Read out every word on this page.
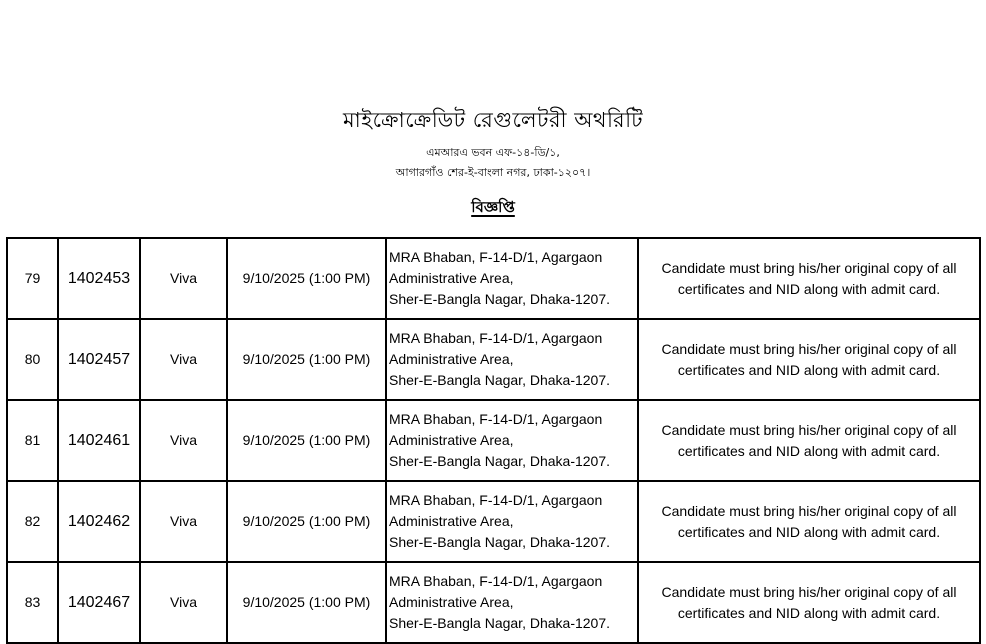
মাইক্রোক্রেডিট রেগুলেটরী অথরিটি
এমআরএ ভবন এফ-১৪-ডি/১,
আগারগাঁও শের-ই-বাংলা নগর, ঢাকা-১২০৭।
বিজ্ঞপ্তি
79	1402453	Viva	9/10/2025 (1:00 PM)	MRA Bhaban, F-14-D/1, Agargaon
Administrative Area,
Sher-E-Bangla Nagar, Dhaka-1207.	Candidate must bring his/her original copy of all certificates and NID along with admit card.
80	1402457	Viva	9/10/2025 (1:00 PM)	MRA Bhaban, F-14-D/1, Agargaon
Administrative Area,
Sher-E-Bangla Nagar, Dhaka-1207.	Candidate must bring his/her original copy of all certificates and NID along with admit card.
81	1402461	Viva	9/10/2025 (1:00 PM)	MRA Bhaban, F-14-D/1, Agargaon
Administrative Area,
Sher-E-Bangla Nagar, Dhaka-1207.	Candidate must bring his/her original copy of all certificates and NID along with admit card.
82	1402462	Viva	9/10/2025 (1:00 PM)	MRA Bhaban, F-14-D/1, Agargaon
Administrative Area,
Sher-E-Bangla Nagar, Dhaka-1207.	Candidate must bring his/her original copy of all certificates and NID along with admit card.
83	1402467	Viva	9/10/2025 (1:00 PM)	MRA Bhaban, F-14-D/1, Agargaon
Administrative Area,
Sher-E-Bangla Nagar, Dhaka-1207.	Candidate must bring his/her original copy of all certificates and NID along with admit card.
